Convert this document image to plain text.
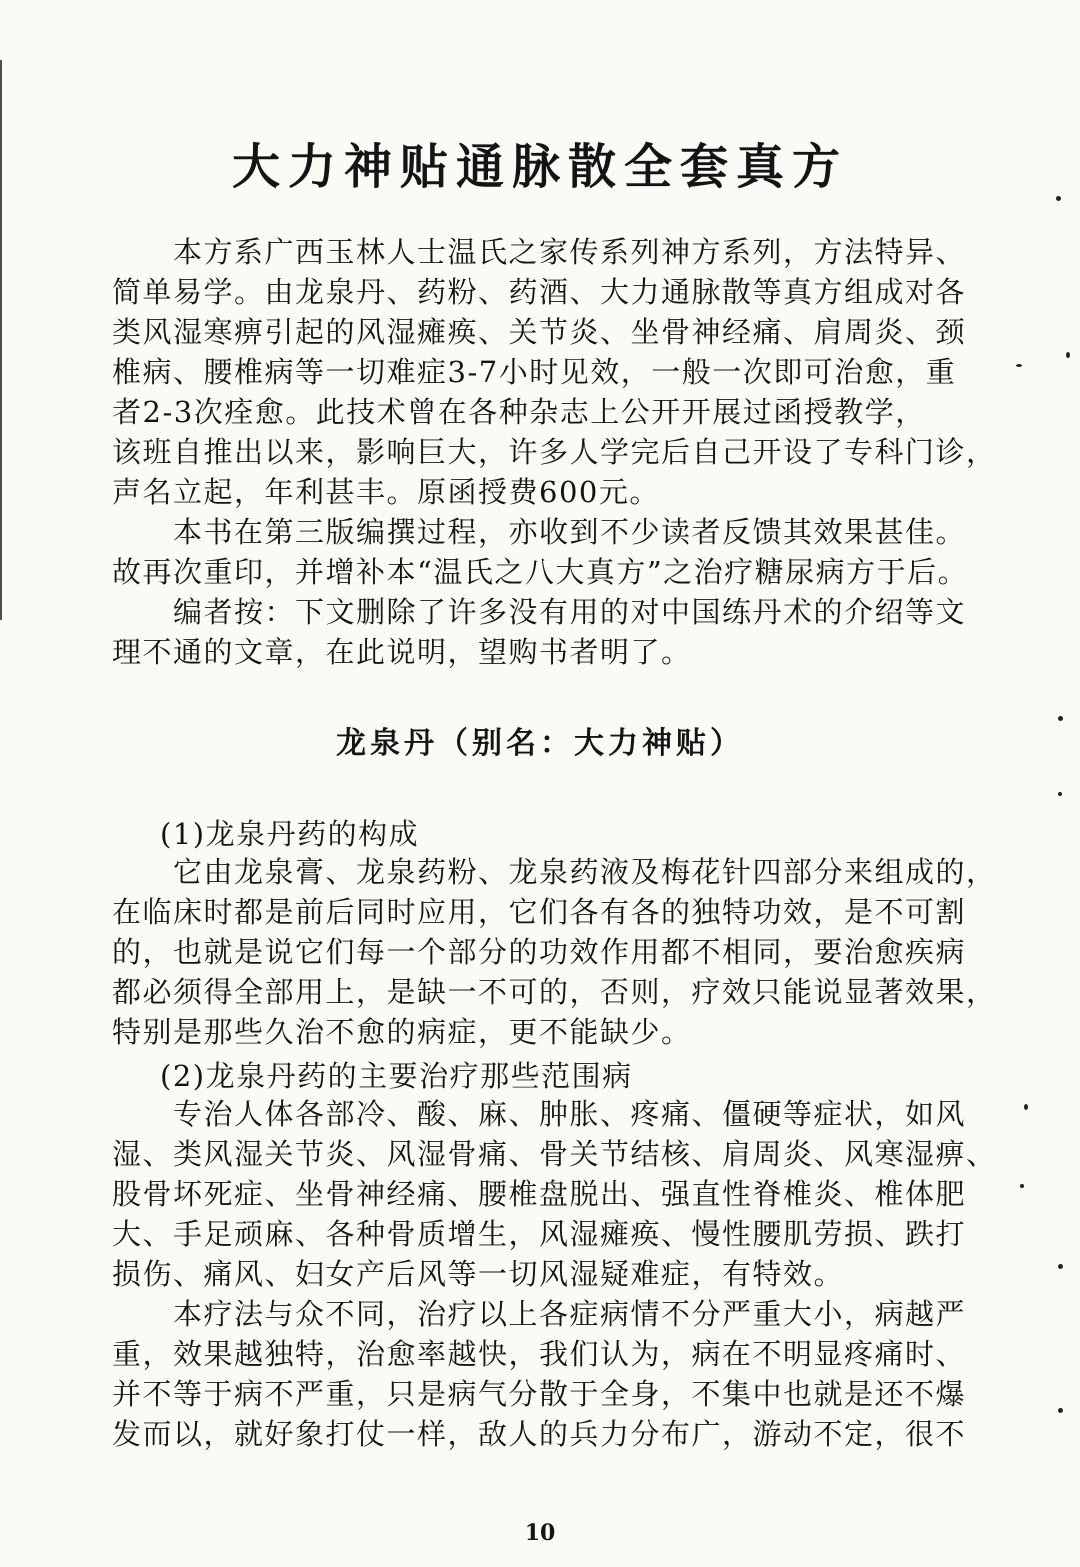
大力神贴通脉散全套真方
　　本方系广西玉林人士温氏之家传系列神方系列，方法特异、
简单易学。由龙泉丹、药粉、药酒、大力通脉散等真方组成对各
类风湿寒痹引起的风湿瘫痪、关节炎、坐骨神经痛、肩周炎、颈
椎病、腰椎病等一切难症3-7小时见效，一般一次即可治愈，重
者2-3次痊愈。此技术曾在各种杂志上公开开展过函授教学，
该班自推出以来，影响巨大，许多人学完后自己开设了专科门诊，
声名立起，年利甚丰。原函授费600元。
　　本书在第三版编撰过程，亦收到不少读者反馈其效果甚佳。
故再次重印，并增补本“温氏之八大真方”之治疗糖尿病方于后。
　　编者按：下文删除了许多没有用的对中国练丹术的介绍等文
理不通的文章，在此说明，望购书者明了。
龙泉丹（别名：大力神贴）
(1)龙泉丹药的构成
　　它由龙泉膏、龙泉药粉、龙泉药液及梅花针四部分来组成的，
在临床时都是前后同时应用，它们各有各的独特功效，是不可割
的，也就是说它们每一个部分的功效作用都不相同，要治愈疾病
都必须得全部用上，是缺一不可的，否则，疗效只能说显著效果，
特别是那些久治不愈的病症，更不能缺少。
(2)龙泉丹药的主要治疗那些范围病
　　专治人体各部冷、酸、麻、肿胀、疼痛、僵硬等症状，如风
湿、类风湿关节炎、风湿骨痛、骨关节结核、肩周炎、风寒湿痹、
股骨坏死症、坐骨神经痛、腰椎盘脱出、强直性脊椎炎、椎体肥
大、手足顽麻、各种骨质增生，风湿瘫痪、慢性腰肌劳损、跌打
损伤、痛风、妇女产后风等一切风湿疑难症，有特效。
　　本疗法与众不同，治疗以上各症病情不分严重大小，病越严
重，效果越独特，治愈率越快，我们认为，病在不明显疼痛时、
并不等于病不严重，只是病气分散于全身，不集中也就是还不爆
发而以，就好象打仗一样，敌人的兵力分布广，游动不定，很不
10
